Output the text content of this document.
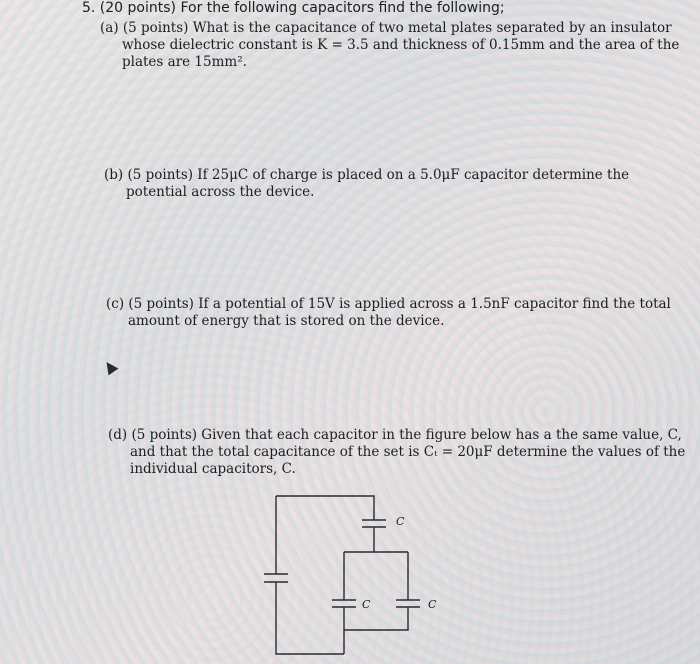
5. (20 points) For the following capacitors find the following;

(a) (5 points) What is the capacitance of two metal plates separated by an insulator

whose dielectric constant is K = 3.5 and thickness of 0.15mm and the area of the

plates are 15mm².

(b) (5 points) If 25μC of charge is placed on a 5.0μF capacitor determine the

potential across the device.

(c) (5 points) If a potential of 15V is applied across a 1.5nF capacitor find the total

amount of energy that is stored on the device.

(d) (5 points) Given that each capacitor in the figure below has a the same value, C,

and that the total capacitance of the set is Cₜ = 20μF determine the values of the

individual capacitors, C.

C
C	C
